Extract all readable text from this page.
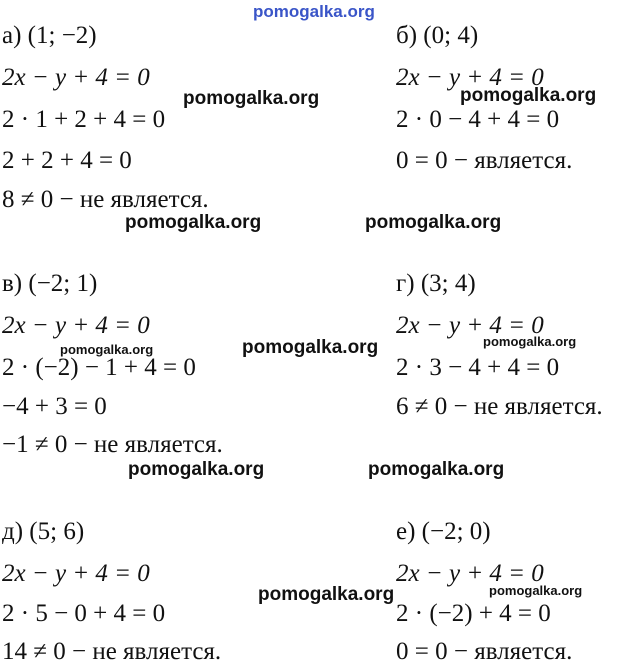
pomogalka.org
а) (1; −2)
2x − y + 4 = 0
2 · 1 + 2 + 4 = 0
2 + 2 + 4 = 0
8 ≠ 0 − не является.
б) (0; 4)
2x − y + 4 = 0
2 · 0 − 4 + 4 = 0
0 = 0 − является.
в) (−2; 1)
2x − y + 4 = 0
2 · (−2) − 1 + 4 = 0
−4 + 3 = 0
−1 ≠ 0 − не является.
г) (3; 4)
2x − y + 4 = 0
2 · 3 − 4 + 4 = 0
6 ≠ 0 − не является.
д) (5; 6)
2x − y + 4 = 0
2 · 5 − 0 + 4 = 0
14 ≠ 0 − не является.
е) (−2; 0)
2x − y + 4 = 0
2 · (−2) + 4 = 0
0 = 0 − является.
pomogalka.org	pomogalka.org
pomogalka.org	pomogalka.org
pomogalka.org	pomogalka.org	pomogalka.org
pomogalka.org	pomogalka.org
pomogalka.org	pomogalka.org
